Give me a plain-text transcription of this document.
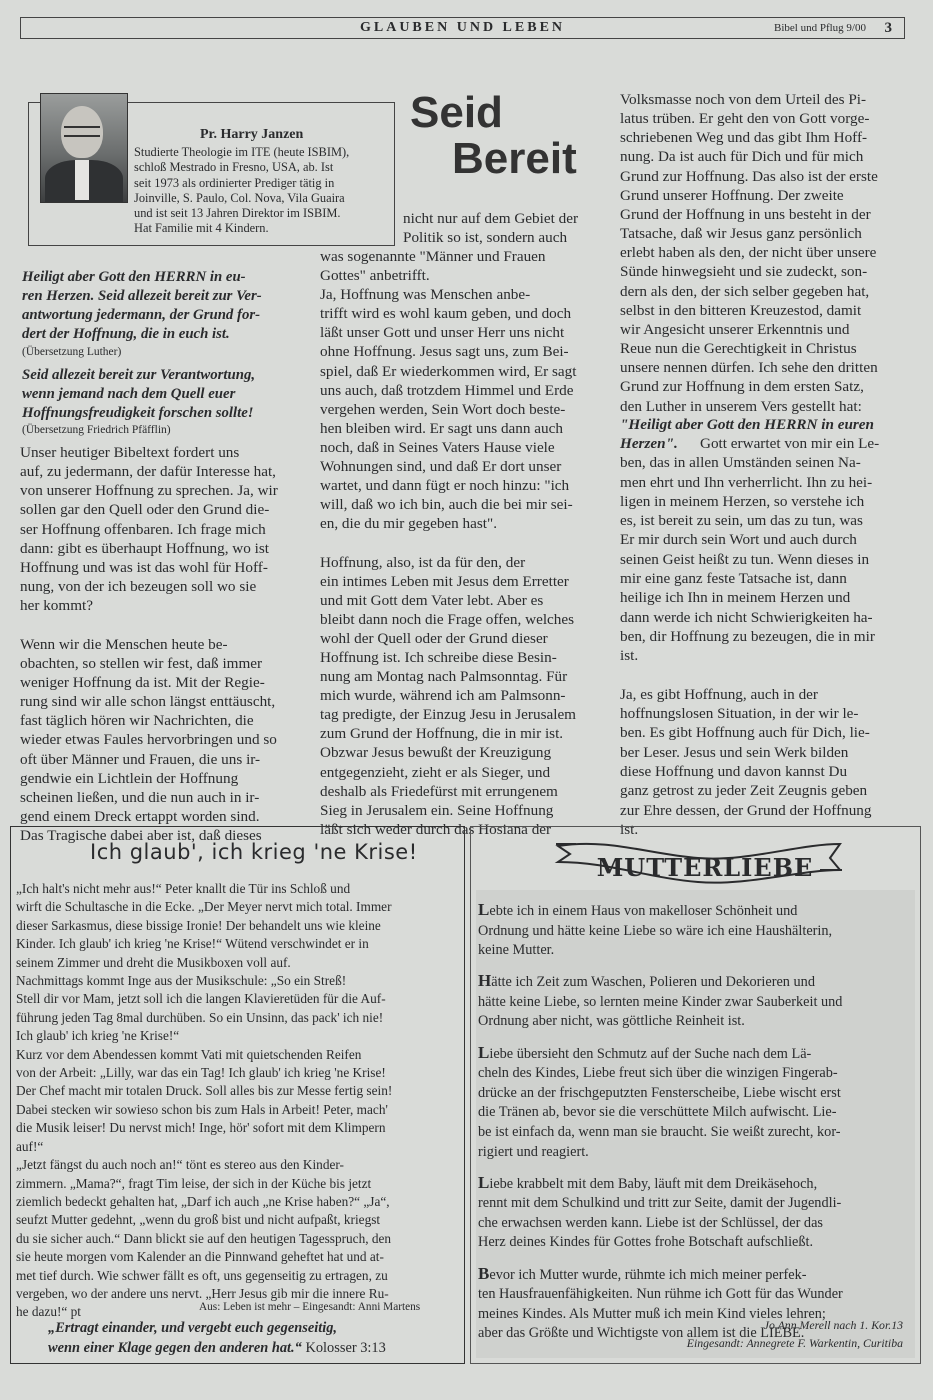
GLAUBEN UND LEBEN	Bibel und Pflug 9/00 3
Pr. Harry Janzen
Studierte Theologie im ITE (heute ISBIM),
schloß Mestrado in Fresno, USA, ab. Ist
seit 1973 als ordinierter Prediger tätig in
Joinville, S. Paulo, Col. Nova, Vila Guaira
und ist seit 13 Jahren Direktor im ISBIM.
Hat Familie mit 4 Kindern.
Seid
Bereit
Heiligt aber Gott den HERRN in eu-
ren Herzen. Seid allezeit bereit zur Ver-
antwortung jedermann, der Grund for-
dert der Hoffnung, die in euch ist.
(Übersetzung Luther)
Seid allezeit bereit zur Verantwortung,
wenn jemand nach dem Quell euer
Hoffnungsfreudigkeit forschen sollte!
(Übersetzung Friedrich Pfäfflin)
Unser heutiger Bibeltext fordert uns
auf, zu jedermann, der dafür Interesse hat,
von unserer Hoffnung zu sprechen. Ja, wir
sollen gar den Quell oder den Grund die-
ser Hoffnung offenbaren. Ich frage mich
dann: gibt es überhaupt Hoffnung, wo ist
Hoffnung und was ist das wohl für Hoff-
nung, von der ich bezeugen soll wo sie
her kommt?

Wenn wir die Menschen heute be-
obachten, so stellen wir fest, daß immer
weniger Hoffnung da ist. Mit der Regie-
rung sind wir alle schon längst enttäuscht,
fast täglich hören wir Nachrichten, die
wieder etwas Faules hervorbringen und so
oft über Männer und Frauen, die uns ir-
gendwie ein Lichtlein der Hoffnung
scheinen ließen, und die nun auch in ir-
gend einem Dreck ertappt worden sind.
Das Tragische dabei aber ist, daß dieses
nicht nur auf dem Gebiet der
Politik so ist, sondern auch
was sogenannte "Männer und Frauen
Gottes" anbetrifft.
Ja, Hoffnung was Menschen anbe-
trifft wird es wohl kaum geben, und doch
läßt unser Gott und unser Herr uns nicht
ohne Hoffnung. Jesus sagt uns, zum Bei-
spiel, daß Er wiederkommen wird, Er sagt
uns auch, daß trotzdem Himmel und Erde
vergehen werden, Sein Wort doch beste-
hen bleiben wird. Er sagt uns dann auch
noch, daß in Seines Vaters Hause viele
Wohnungen sind, und daß Er dort unser
wartet, und dann fügt er noch hinzu: "ich
will, daß wo ich bin, auch die bei mir sei-
en, die du mir gegeben hast".

Hoffnung, also, ist da für den, der
ein intimes Leben mit Jesus dem Erretter
und mit Gott dem Vater lebt. Aber es
bleibt dann noch die Frage offen, welches
wohl der Quell oder der Grund dieser
Hoffnung ist. Ich schreibe diese Besin-
nung am Montag nach Palmsonntag. Für
mich wurde, während ich am Palmsonn-
tag predigte, der Einzug Jesu in Jerusalem
zum Grund der Hoffnung, die in mir ist.
Obzwar Jesus bewußt der Kreuzigung
entgegenzieht, zieht er als Sieger, und
deshalb als Friedefürst mit errungenem
Sieg in Jerusalem ein. Seine Hoffnung
läßt sich weder durch das Hosiana der
Volksmasse noch von dem Urteil des Pi-
latus trüben. Er geht den von Gott vorge-
schriebenen Weg und das gibt Ihm Hoff-
nung. Da ist auch für Dich und für mich
Grund zur Hoffnung. Das also ist der erste
Grund unserer Hoffnung. Der zweite
Grund der Hoffnung in uns besteht in der
Tatsache, daß wir Jesus ganz persönlich
erlebt haben als den, der nicht über unsere
Sünde hinwegsieht und sie zudeckt, son-
dern als den, der sich selber gegeben hat,
selbst in den bitteren Kreuzestod, damit
wir Angesicht unserer Erkenntnis und
Reue nun die Gerechtigkeit in Christus
unsere nennen dürfen. Ich sehe den dritten
Grund zur Hoffnung in dem ersten Satz,
den Luther in unserem Vers gestellt hat:
"Heiligt aber Gott den HERRN in euren
Herzen".	Gott erwartet von mir ein Le-
ben, das in allen Umständen seinen Na-
men ehrt und Ihn verherrlicht. Ihn zu hei-
ligen in meinem Herzen, so verstehe ich
es, ist bereit zu sein, um das zu tun, was
Er mir durch sein Wort und auch durch
seinen Geist heißt zu tun. Wenn dieses in
mir eine ganz feste Tatsache ist, dann
heilige ich Ihn in meinem Herzen und
dann werde ich nicht Schwierigkeiten ha-
ben, dir Hoffnung zu bezeugen, die in mir
ist.

Ja, es gibt Hoffnung, auch in der
hoffnungslosen Situation, in der wir le-
ben. Es gibt Hoffnung auch für Dich, lie-
ber Leser. Jesus und sein Werk bilden
diese Hoffnung und davon kannst Du
ganz getrost zu jeder Zeit Zeugnis geben
zur Ehre dessen, der Grund der Hoffnung
ist.
Ich glaub', ich krieg 'ne Krise!
„Ich halt's nicht mehr aus!“ Peter knallt die Tür ins Schloß und
wirft die Schultasche in die Ecke. „Der Meyer nervt mich total. Immer
dieser Sarkasmus, diese bissige Ironie! Der behandelt uns wie kleine
Kinder. Ich glaub' ich krieg 'ne Krise!“ Wütend verschwindet er in
seinem Zimmer und dreht die Musikboxen voll auf.
Nachmittags kommt Inge aus der Musikschule: „So ein Streß!
Stell dir vor Mam, jetzt soll ich die langen Klavieretüden für die Auf-
führung jeden Tag 8mal durchüben. So ein Unsinn, das pack' ich nie!
Ich glaub' ich krieg 'ne Krise!“
Kurz vor dem Abendessen kommt Vati mit quietschenden Reifen
von der Arbeit: „Lilly, war das ein Tag! Ich glaub' ich krieg 'ne Krise!
Der Chef macht mir totalen Druck. Soll alles bis zur Messe fertig sein!
Dabei stecken wir sowieso schon bis zum Hals in Arbeit! Peter, mach'
die Musik leiser! Du nervst mich! Inge, hör' sofort mit dem Klimpern
auf!“
„Jetzt fängst du auch noch an!“ tönt es stereo aus den Kinder-
zimmern. „Mama?“, fragt Tim leise, der sich in der Küche bis jetzt
ziemlich bedeckt gehalten hat, „Darf ich auch „ne Krise haben?“ „Ja“,
seufzt Mutter gedehnt, „wenn du groß bist und nicht aufpaßt, kriegst
du sie sicher auch.“ Dann blickt sie auf den heutigen Tagesspruch, den
sie heute morgen vom Kalender an die Pinnwand geheftet hat und at-
met tief durch. Wie schwer fällt es oft, uns gegenseitig zu ertragen, zu
vergeben, wo der andere uns nervt. „Herr Jesus gib mir die innere Ru-
he dazu!“ pt	Aus: Leben ist mehr – Eingesandt: Anni Martens
„Ertragt einander, und vergebt euch gegenseitig,
wenn einer Klage gegen den anderen hat.“ Kolosser 3:13
MUTTERLIEBE

Lebte ich in einem Haus von makelloser Schönheit und
Ordnung und hätte keine Liebe so wäre ich eine Haushälterin,
keine Mutter.

Hätte ich Zeit zum Waschen, Polieren und Dekorieren und
hätte keine Liebe, so lernten meine Kinder zwar Sauberkeit und
Ordnung aber nicht, was göttliche Reinheit ist.

Liebe übersieht den Schmutz auf der Suche nach dem Lä-
cheln des Kindes, Liebe freut sich über die winzigen Fingerab-
drücke an der frischgeputzten Fensterscheibe, Liebe wischt erst
die Tränen ab, bevor sie die verschüttete Milch aufwischt. Lie-
be ist einfach da, wenn man sie braucht. Sie weißt zurecht, kor-
rigiert und reagiert.

Liebe krabbelt mit dem Baby, läuft mit dem Dreikäsehoch,
rennt mit dem Schulkind und tritt zur Seite, damit der Jugendli-
che erwachsen werden kann. Liebe ist der Schlüssel, der das
Herz deines Kindes für Gottes frohe Botschaft aufschließt.

Bevor ich Mutter wurde, rühmte ich mich meiner perfek-
ten Hausfrauenfähigkeiten. Nun rühme ich Gott für das Wunder
meines Kindes. Als Mutter muß ich mein Kind vieles lehren;
aber das Größte und Wichtigste von allem ist die LIEBE.

Jo Ann Merell nach 1. Kor.13
Eingesandt: Annegrete F. Warkentin, Curitiba
